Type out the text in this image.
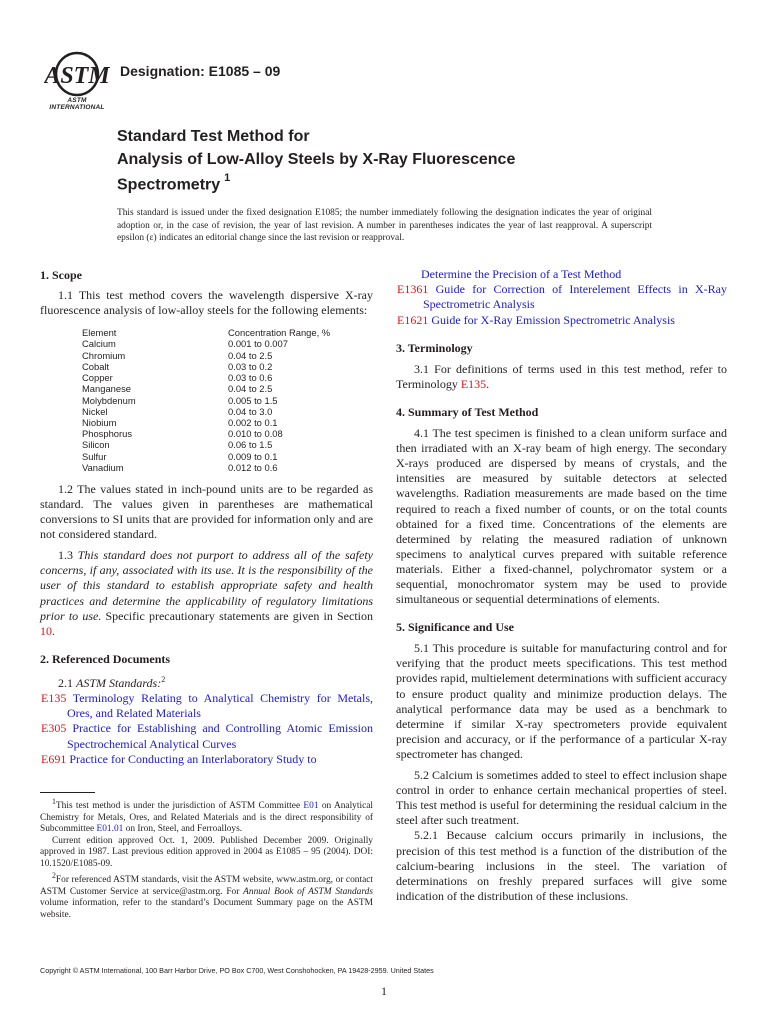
ASTM
ASTM INTERNATIONAL
Designation: E1085 – 09
Standard Test Method for
Analysis of Low-Alloy Steels by X-Ray Fluorescence Spectrometry $^1$
This standard is issued under the fixed designation E1085; the number immediately following the designation indicates the year of original adoption or, in the case of revision, the year of last revision. A number in parentheses indicates the year of last reapproval. A superscript epsilon (ε) indicates an editorial change since the last revision or reapproval.
1. Scope

1.1 This test method covers the wavelength dispersive X-ray fluorescence analysis of low-alloy steels for the following elements:

Element	Concentration Range, %
Calcium	0.001 to 0.007
Chromium	0.04 to 2.5
Cobalt	0.03 to 0.2
Copper	0.03 to 0.6
Manganese	0.04 to 2.5
Molybdenum	0.005 to 1.5
Nickel	0.04 to 3.0
Niobium	0.002 to 0.1
Phosphorus	0.010 to 0.08
Silicon	0.06 to 1.5
Sulfur	0.009 to 0.1
Vanadium	0.012 to 0.6

1.2 The values stated in inch-pound units are to be regarded as standard. The values given in parentheses are mathematical conversions to SI units that are provided for information only and are not considered standard.

1.3 This standard does not purport to address all of the safety concerns, if any, associated with its use. It is the responsibility of the user of this standard to establish appropriate safety and health practices and determine the applicability of regulatory limitations prior to use. Specific precautionary statements are given in Section 10.

2. Referenced Documents

2.1 ASTM Standards:$^2$

E135 Terminology Relating to Analytical Chemistry for Metals, Ores, and Related Materials

E305 Practice for Establishing and Controlling Atomic Emission Spectrochemical Analytical Curves

E691 Practice for Conducting an Interlaboratory Study to

$^1$This test method is under the jurisdiction of ASTM Committee E01 on Analytical Chemistry for Metals, Ores, and Related Materials and is the direct responsibility of Subcommittee E01.01 on Iron, Steel, and Ferroalloys.

Current edition approved Oct. 1, 2009. Published December 2009. Originally approved in 1987. Last previous edition approved in 2004 as E1085 – 95 (2004). DOI: 10.1520/E1085-09.

$^2$For referenced ASTM standards, visit the ASTM website, www.astm.org, or contact ASTM Customer Service at service@astm.org. For Annual Book of ASTM Standards volume information, refer to the standard’s Document Summary page on the ASTM website.

Determine the Precision of a Test Method

E1361 Guide for Correction of Interelement Effects in X-Ray Spectrometric Analysis

E1621 Guide for X-Ray Emission Spectrometric Analysis

3. Terminology

3.1 For definitions of terms used in this test method, refer to Terminology E135.

4. Summary of Test Method

4.1 The test specimen is finished to a clean uniform surface and then irradiated with an X-ray beam of high energy. The secondary X-rays produced are dispersed by means of crystals, and the intensities are measured by suitable detectors at selected wavelengths. Radiation measurements are made based on the time required to reach a fixed number of counts, or on the total counts obtained for a fixed time. Concentrations of the elements are determined by relating the measured radiation of unknown specimens to analytical curves prepared with suitable reference materials. Either a fixed-channel, polychromator system or a sequential, monochromator system may be used to provide simultaneous or sequential determinations of elements.

5. Significance and Use

5.1 This procedure is suitable for manufacturing control and for verifying that the product meets specifications. This test method provides rapid, multielement determinations with sufficient accuracy to ensure product quality and minimize production delays. The analytical performance data may be used as a benchmark to determine if similar X-ray spectrometers provide equivalent precision and accuracy, or if the performance of a particular X-ray spectrometer has changed.

5.2 Calcium is sometimes added to steel to effect inclusion shape control in order to enhance certain mechanical properties of steel. This test method is useful for determining the residual calcium in the steel after such treatment.

5.2.1 Because calcium occurs primarily in inclusions, the precision of this test method is a function of the distribution of the calcium-bearing inclusions in the steel. The variation of determinations on freshly prepared surfaces will give some indication of the distribution of these inclusions.

Copyright © ASTM International, 100 Barr Harbor Drive, PO Box C700, West Conshohocken, PA 19428-2959. United States
1
